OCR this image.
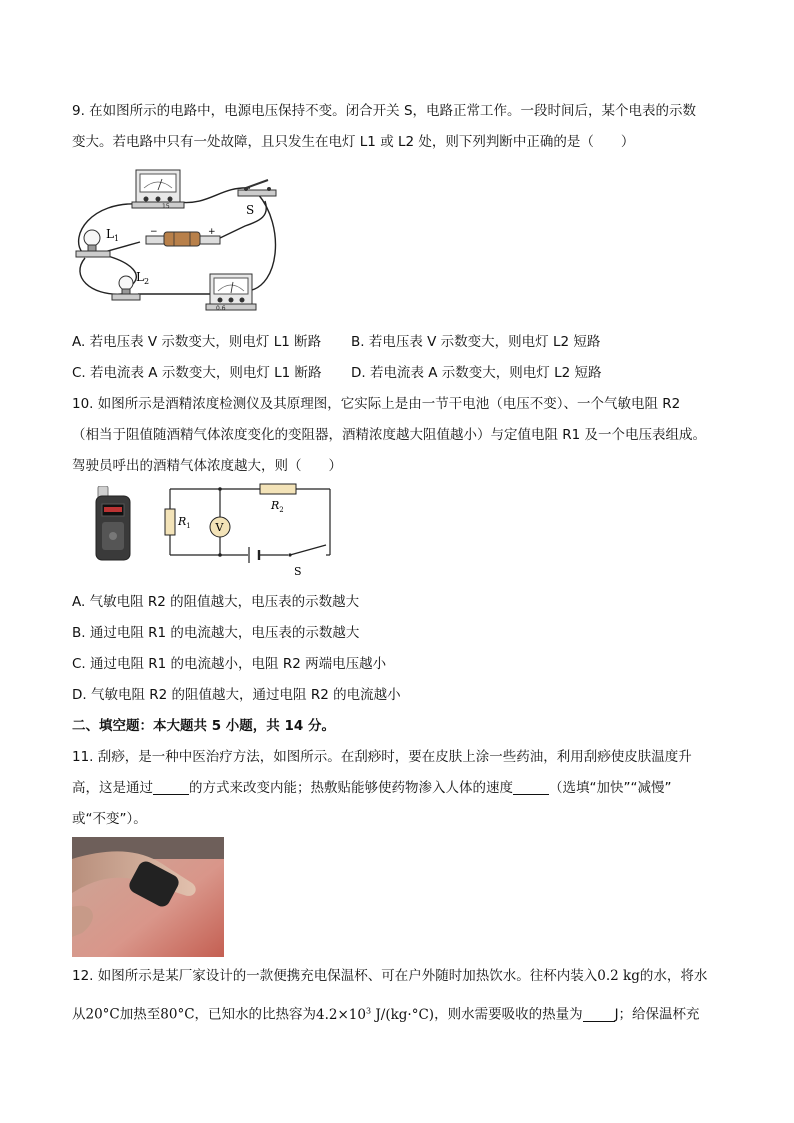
9. 在如图所示的电路中，电源电压保持不变。闭合开关 S，电路正常工作。一段时间后，某个电表的示数
变大。若电路中只有一处故障，且只发生在电灯 L1 或 L2 处，则下列判断中正确的是（　　）
15	S
−	+
$L_1$
$L_2$
0.6
A. 若电压表 V 示数变大，则电灯 L1 断路 B. 若电压表 V 示数变大，则电灯 L2 短路
C. 若电流表 A 示数变大，则电灯 L1 断路 D. 若电流表 A 示数变大，则电灯 L2 短路
10. 如图所示是酒精浓度检测仪及其原理图，它实际上是由一节干电池（电压不变）、一个气敏电阻 R2
（相当于阻值随酒精气体浓度变化的变阻器，酒精浓度越大阻值越小）与定值电阻 R1 及一个电压表组成。
驾驶员呼出的酒精气体浓度越大，则（　　）
$R_1$ V
$R_2$
S
A. 气敏电阻 R2 的阻值越大，电压表的示数越大
B. 通过电阻 R1 的电流越大，电压表的示数越大
C. 通过电阻 R1 的电流越小，电阻 R2 两端电压越小
D. 气敏电阻 R2 的阻值越大，通过电阻 R2 的电流越小
二、填空题：本大题共 5 小题，共 14 分。
11. 刮痧，是一种中医治疗方法，如图所示。在刮痧时，要在皮肤上涂一些药油，利用刮痧使皮肤温度升
高，这是通过	的方式来改变内能；热敷贴能够使药物渗入人体的速度	（选填“加快”“减慢”
或“不变”）。
12. 如图所示是某厂家设计的一款便携充电保温杯、可在户外随时加热饮水。往杯内装入0.2 kg的水，将水
从20°C加热至80°C，已知水的比热容为$4.2\times 10^3$ J/(kg·°C)，则水需要吸收的热量为 J；给保温杯充
